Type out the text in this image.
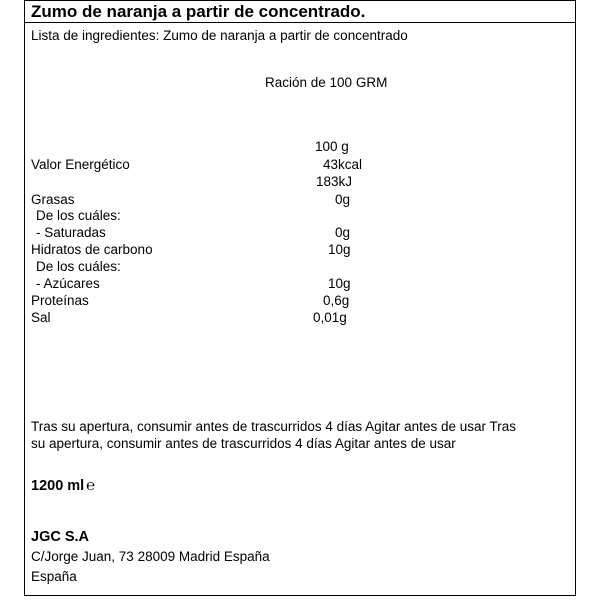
Zumo de naranja a partir de concentrado.
Lista de ingredientes: Zumo de naranja a partir de concentrado
Ración de 100 GRM
100 g
Valor Energético	43kcal
183kJ
Grasas	0g
De los cuáles:
- Saturadas	0g
Hidratos de carbono	10g
De los cuáles:
- Azúcares	10g
Proteínas	0,6g
Sal	0,01g
Tras su apertura, consumir antes de trascurridos 4 días Agitar antes de usar Tras
su apertura, consumir antes de trascurridos 4 días Agitar antes de usar
1200 ml ℮
JGC S.A
C/Jorge Juan, 73 28009 Madrid España
España
